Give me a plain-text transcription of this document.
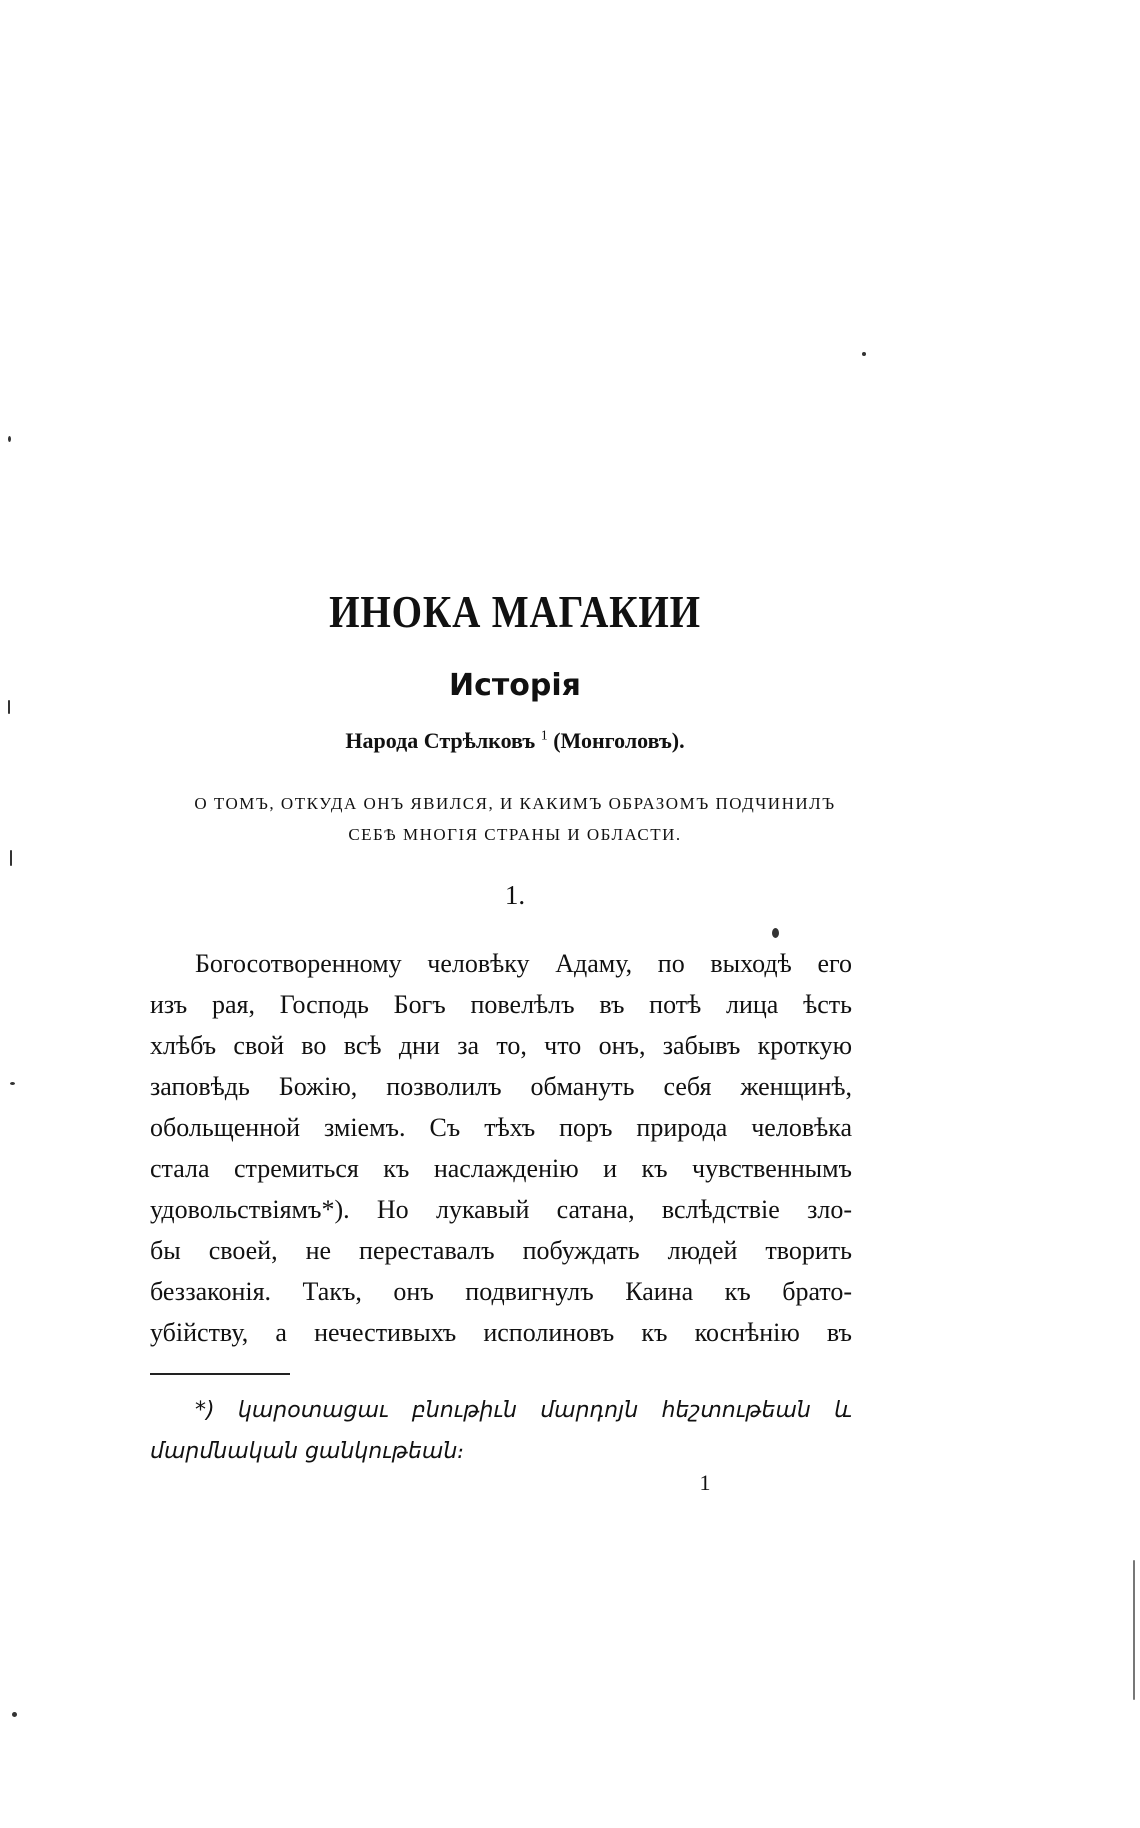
ИНОКА МАГАКИИ
Исторія
Народа Стрѣлковъ $^1$ (Монголовъ).
О ТОМЪ, ОТКУДА ОНЪ ЯВИЛСЯ, И КАКИМЪ ОБРАЗОМЪ ПОДЧИНИЛЪ
СЕБѢ МНОГІЯ СТРАНЫ И ОБЛАСТИ.
1.
Богосотворенному человѣку Адаму, по выходѣ его
изъ рая, Господь Богъ повелѣлъ въ потѣ лица ѣсть
хлѣбъ свой во всѣ дни за то, что онъ, забывъ кроткую
заповѣдь Божію, позволилъ обмануть себя женщинѣ,
обольщенной зміемъ. Съ тѣхъ поръ природа человѣка
стала стремиться къ наслажденію и къ чувственнымъ
удовольствіямъ*). Но лукавый сатана, вслѣдствіе зло-
бы своей, не переставалъ побуждать людей творить
беззаконія. Такъ, онъ подвигнулъ Каина къ брато-
убійству, а нечестивыхъ исполиновъ къ коснѣнію въ
*) կարօտացաւ բնութիւն մարդոյն հեշտութեան և
մարմնական ցանկութեան։
1
